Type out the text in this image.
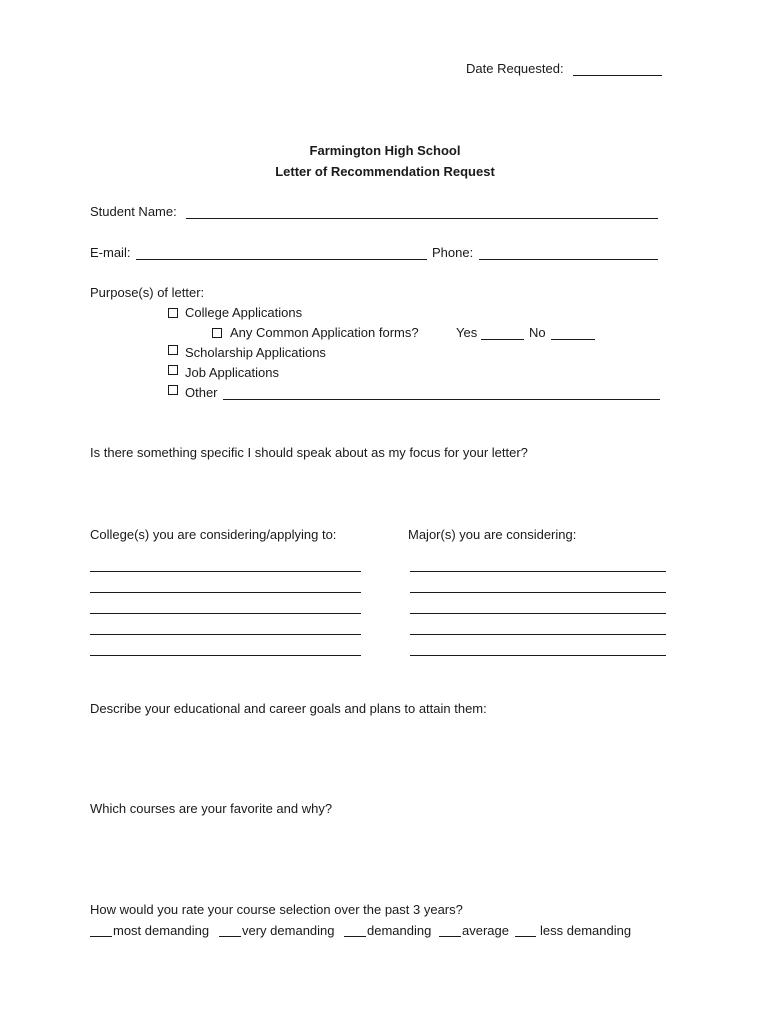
Date Requested:
Farmington High School
Letter of Recommendation Request
Student Name:
E-mail:	Phone:
Purpose(s) of letter:
College Applications
Any Common Application forms?	Yes	No
Scholarship Applications
Job Applications
Other
Is there something specific I should speak about as my focus for your letter?
College(s) you are considering/applying to:	Major(s) you are considering:
Describe your educational and career goals and plans to attain them:
Which courses are your favorite and why?
How would you rate your course selection over the past 3 years?
most demanding	very demanding	demanding average less demanding
